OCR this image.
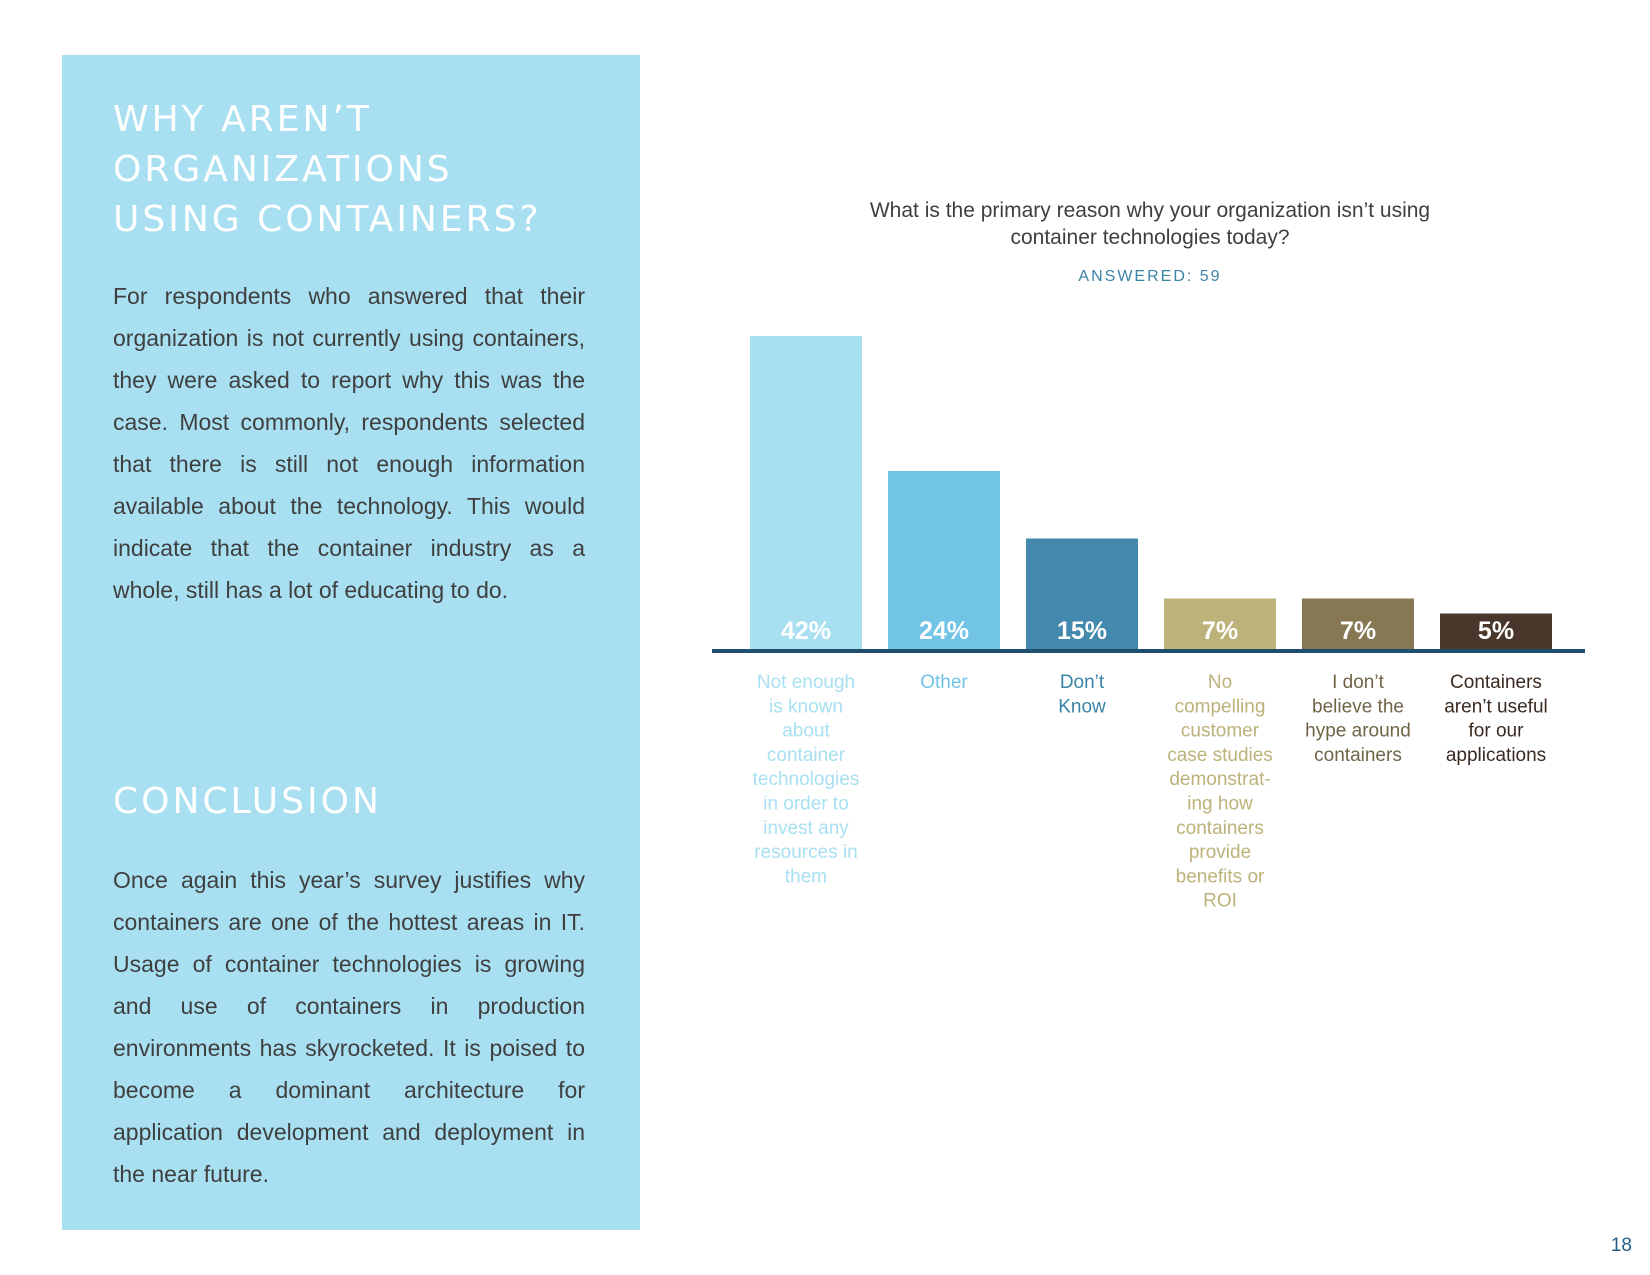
WHY AREN’T ORGANIZATIONS USING CONTAINERS?

For respondents who answered that their organization is not currently using containers, they were asked to report why this was the case. Most commonly, respondents selected that there is still not enough information available about the technology. This would indicate that the container industry as a whole, still has a lot of educating to do.

CONCLUSION

Once again this year’s survey justifies why containers are one of the hottest areas in IT. Usage of container technologies is growing and use of containers in production environments has skyrocketed. It is poised to become a dominant architecture for application development and deployment in the near future.

What is the primary reason why your organization isn’t using container technologies today?

ANSWERED: 59
42%
Not enough is known about container technologies in order to invest any resources in them
24%
Other
15%
Don’t Know
7%
No compelling customer case studies demonstrat-ing how containers provide benefits or ROI
7%
I don’t believe the hype around containers
5%
Containers aren’t useful for our applications
18
